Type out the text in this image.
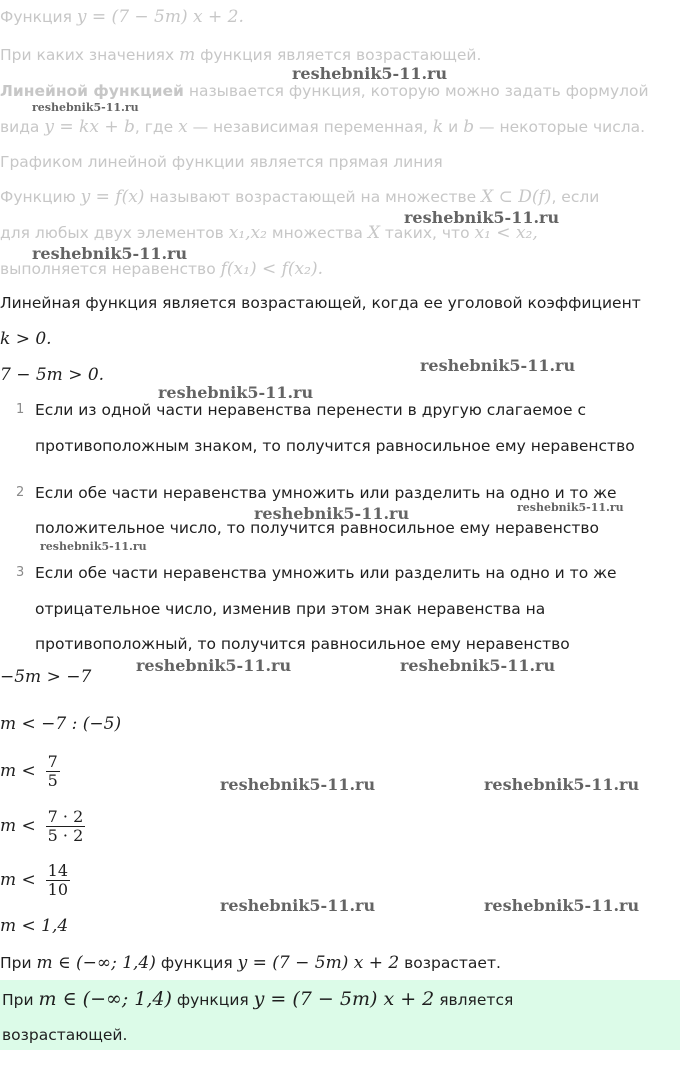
Функция y = (7 − 5m) x + 2.
При каких значениях m функция является возрастающей.
Линейной функцией называется функция, которую можно задать формулой
вида y = kx + b, где x — независимая переменная, k и b — некоторые числа.
Графиком линейной функции является прямая линия
Функцию y = f(x) называют возрастающей на множестве X ⊂ D(f), если
для любых двух элементов x₁,x₂ множества X таких, что x₁ < x₂,
выполняется неравенство f(x₁) < f(x₂).
Линейная функция является возрастающей, когда ее уголовой коэффициент
k > 0.
7 − 5m > 0.
1 Если из одной части неравенства перенести в другую слагаемое с
противоположным знаком, то получится равносильное ему неравенство
2 Если обе части неравенства умножить или разделить на одно и то же
положительное число, то получится равносильное ему неравенство
3 Если обе части неравенства умножить или разделить на одно и то же
отрицательное число, изменив при этом знак неравенства на
противоположный, то получится равносильное ему неравенство
−5m > −7
m < −7 : (−5)
m <
$\frac{7}{5}$
m <
$\frac{7 \cdot 2}{5 \cdot 2}$
m <
$\frac{14}{10}$
m < 1,4
При m ∈ (−∞; 1,4) функция y = (7 − 5m) x + 2 возрастает.
При m ∈ (−∞; 1,4) функция y = (7 − 5m) x + 2 является
возрастающей.
reshebnik5-11.ru
reshebnik5-11.ru
reshebnik5-11.ru
reshebnik5-11.ru
reshebnik5-11.ru
reshebnik5-11.ru
reshebnik5-11.ru	reshebnik5-11.ru
reshebnik5-11.ru
reshebnik5-11.ru	reshebnik5-11.ru
reshebnik5-11.ru	reshebnik5-11.ru
reshebnik5-11.ru	reshebnik5-11.ru
